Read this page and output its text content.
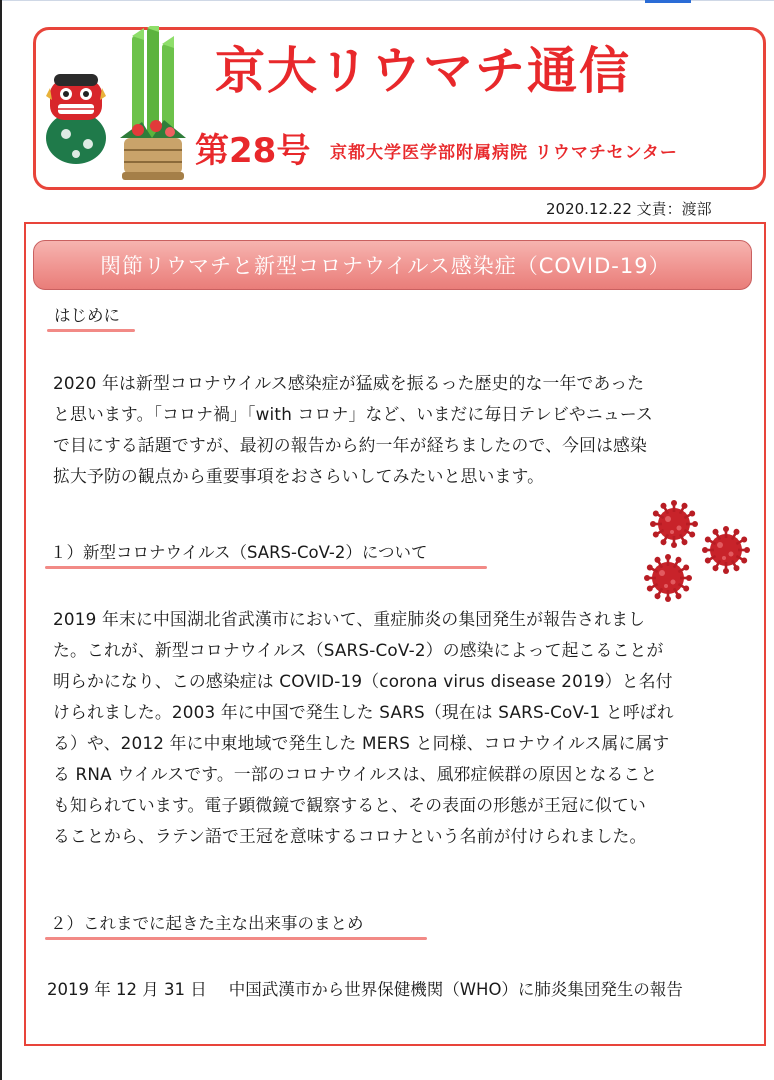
京大リウマチ通信
第28号 京都大学医学部附属病院 リウマチセンター
2020.12.22 文責：渡部
関節リウマチと新型コロナウイルス感染症（COVID-19）
はじめに
2020 年は新型コロナウイルス感染症が猛威を振るった歴史的な一年であった
と思います。「コロナ禍」「with コロナ」など、いまだに毎日テレビやニュース
で目にする話題ですが、最初の報告から約一年が経ちましたので、今回は感染
拡大予防の観点から重要事項をおさらいしてみたいと思います。
１）新型コロナウイルス（SARS-CoV-2）について
2019 年末に中国湖北省武漢市において、重症肺炎の集団発生が報告されまし
た。これが、新型コロナウイルス（SARS-CoV-2）の感染によって起こることが
明らかになり、この感染症は COVID-19（corona virus disease 2019）と名付
けられました。2003 年に中国で発生した SARS（現在は SARS-CoV-1 と呼ばれ
る）や、2012 年に中東地域で発生した MERS と同様、コロナウイルス属に属す
る RNA ウイルスです。一部のコロナウイルスは、風邪症候群の原因となること
も知られています。電子顕微鏡で観察すると、その表面の形態が王冠に似てい
ることから、ラテン語で王冠を意味するコロナという名前が付けられました。
２）これまでに起きた主な出来事のまとめ
2019 年 12 月 31 日 中国武漢市から世界保健機関（WHO）に肺炎集団発生の報告
